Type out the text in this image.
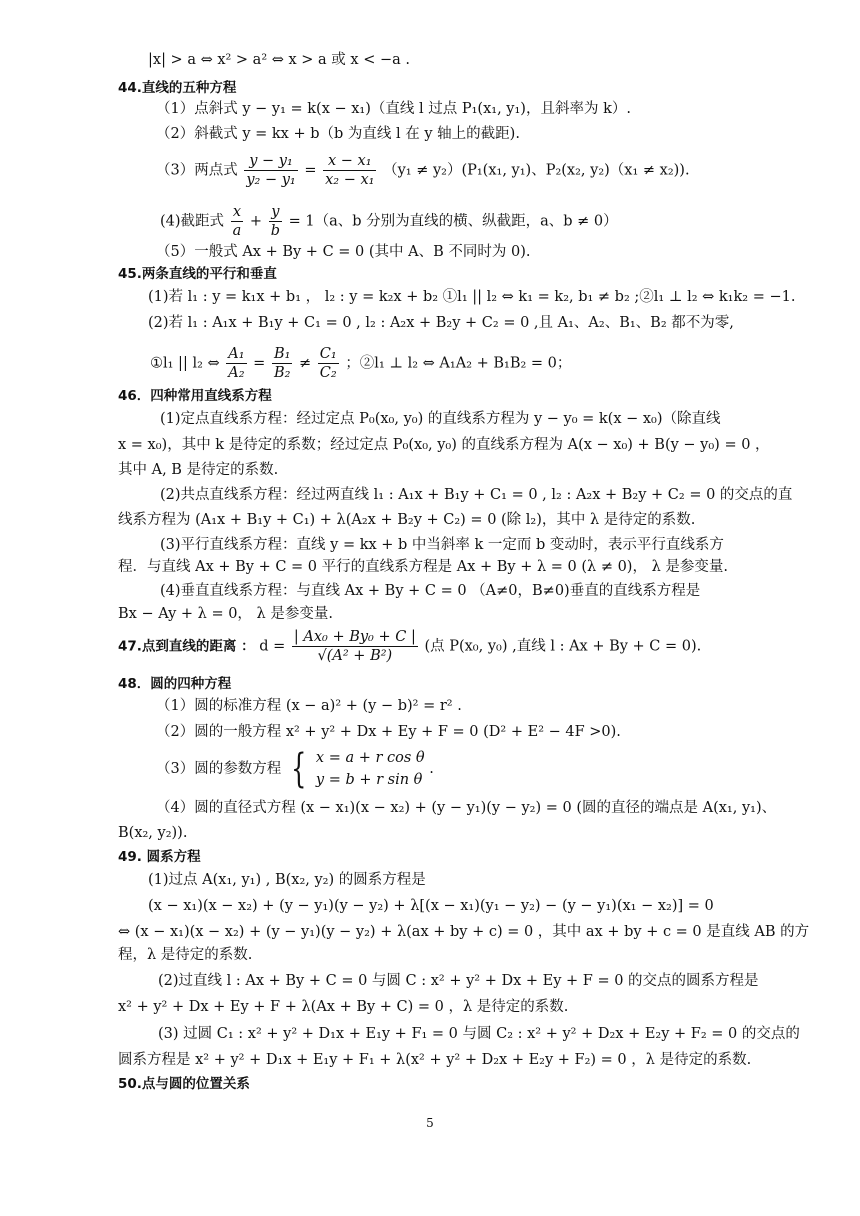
|x| > a ⇔ x² > a² ⇔ x > a 或 x < −a .
44.直线的五种方程
（1）点斜式 y − y₁ = k(x − x₁)（直线 l 过点 P₁(x₁, y₁)，且斜率为 k）.
（2）斜截式 y = kx + b（b 为直线 l 在 y 轴上的截距).
（3）两点式 $\frac{\text{y − y₁}}{\text{y₂ − y₁}} = \frac{\text{x − x₁}}{\text{x₂ − x₁}} (y_1 \ne y_2)(P_1(x_1$, y₁)、P₂(x₂, y₂)（x₁ ≠ x₂)).
(4)截距式 $\frac{x}{a} + \frac{y}{b} = 1(a$、b 分别为直线的横、纵截距，a、b ≠ 0）
（5）一般式 Ax + By + C = 0 (其中 A、B 不同时为 0).
45.两条直线的平行和垂直
(1)若 l₁ : y = k₁x + b₁ ， l₂ : y = k₂x + b₂ ①l₁ || l₂ ⇔ k₁ = k₂, b₁ ≠ b₂ ;②l₁ ⊥ l₂ ⇔ k₁k₂ = −1.
(2)若 l₁ : A₁x + B₁y + C₁ = 0 , l₂ : A₂x + B₂y + C₂ = 0 ,且 A₁、A₂、B₁、B₂ 都不为零,
①l₁ || l₂ ⇔ $\frac{\text{A₁}}{\text{A₂}} = \frac{\text{B₁}}{\text{B₂}} \ne \frac{\text{C₁}}{\text{C₂}}$ ；②l₁ ⊥ l₂ ⇔ A₁A₂ + B₁B₂ = 0；
46．四种常用直线系方程
(1)定点直线系方程：经过定点 P₀(x₀, y₀) 的直线系方程为 y − y₀ = k(x − x₀)（除直线
x = x₀)，其中 k 是待定的系数；经过定点 P₀(x₀, y₀) 的直线系方程为 A(x − x₀) + B(y − y₀) = 0 ，
其中 A, B 是待定的系数.
(2)共点直线系方程：经过两直线 l₁ : A₁x + B₁y + C₁ = 0 , l₂ : A₂x + B₂y + C₂ = 0 的交点的直
线系方程为 (A₁x + B₁y + C₁) + λ(A₂x + B₂y + C₂) = 0 (除 l₂)，其中 λ 是待定的系数.
(3)平行直线系方程：直线 y = kx + b 中当斜率 k 一定而 b 变动时，表示平行直线系方
程．与直线 Ax + By + C = 0 平行的直线系方程是 Ax + By + λ = 0 (λ ≠ 0)， λ 是参变量.
(4)垂直直线系方程：与直线 Ax + By + C = 0 （A≠0，B≠0)垂直的直线系方程是
Bx − Ay + λ = 0， λ 是参变量.
47.点到直线的距离 ： $d = \frac{\text{| Ax₀ + By₀ + C |}}{\text{√(A² + B²)}}$ (点 P(x₀, y₀) ,直线 l : Ax + By + C = 0).
48．圆的四种方程
（1）圆的标准方程 (x − a)² + (y − b)² = r² .
（2）圆的一般方程 x² + y² + Dx + Ey + F = 0 (D² + E² − 4F >0).
（3）圆的参数方程 { x = a + r cos θ
y = b + r sin θ
.
（4）圆的直径式方程 (x − x₁)(x − x₂) + (y − y₁)(y − y₂) = 0 (圆的直径的端点是 A(x₁, y₁)、
B(x₂, y₂)).
49. 圆系方程
(1)过点 A(x₁, y₁) , B(x₂, y₂) 的圆系方程是
(x − x₁)(x − x₂) + (y − y₁)(y − y₂) + λ[(x − x₁)(y₁ − y₂) − (y − y₁)(x₁ − x₂)] = 0
⇔ (x − x₁)(x − x₂) + (y − y₁)(y − y₂) + λ(ax + by + c) = 0 ，其中 ax + by + c = 0 是直线 AB 的方
程，λ 是待定的系数.
(2)过直线 l : Ax + By + C = 0 与圆 C : x² + y² + Dx + Ey + F = 0 的交点的圆系方程是
x² + y² + Dx + Ey + F + λ(Ax + By + C) = 0 ，λ 是待定的系数.
(3) 过圆 C₁ : x² + y² + D₁x + E₁y + F₁ = 0 与圆 C₂ : x² + y² + D₂x + E₂y + F₂ = 0 的交点的
圆系方程是 x² + y² + D₁x + E₁y + F₁ + λ(x² + y² + D₂x + E₂y + F₂) = 0 ，λ 是待定的系数.
50.点与圆的位置关系
5
